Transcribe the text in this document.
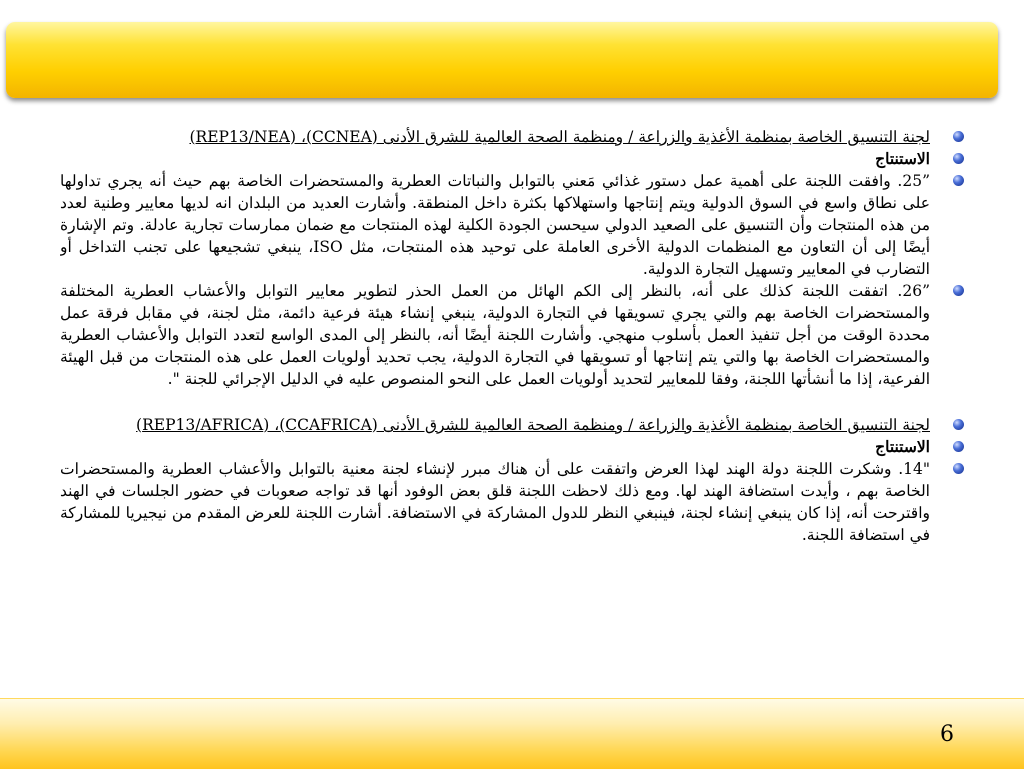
لجنة التنسيق الخاصة بمنظمة الأغذية والزراعة / ومنظمة الصحة العالمية للشرق الأدنى (CCNEA)، (REP13/NEA)
الاستنتاج
”25. وافقت اللجنة على أهمية عمل دستور غذائي مَعني بالتوابل والنباتات العطرية والمستحضرات الخاصة بهم حيث أنه يجري تداولها على نطاق واسع في السوق الدولية ويتم إنتاجها واستهلاكها بكثرة داخل المنطقة. وأشارت العديد من البلدان انه لديها معايير وطنية لعدد من هذه المنتجات وأن التنسيق على الصعيد الدولي سيحسن الجودة الكلية لهذه المنتجات مع ضمان ممارسات تجارية عادلة. وتم الإشارة أيضًا إلى أن التعاون مع المنظمات الدولية الأخرى العاملة على توحيد هذه المنتجات، مثل ISO، ينبغي تشجيعها على تجنب التداخل أو التضارب في المعايير وتسهيل التجارة الدولية.
”26. اتفقت اللجنة كذلك على أنه، بالنظر إلى الكم الهائل من العمل الحذر لتطوير معايير التوابل والأعشاب العطرية المختلفة والمستحضرات الخاصة بهم والتي يجري تسويقها في التجارة الدولية، ينبغي إنشاء هيئة فرعية دائمة، مثل لجنة، في مقابل فرقة عمل محددة الوقت من أجل تنفيذ العمل بأسلوب منهجي. وأشارت اللجنة أيضًا أنه، بالنظر إلى المدى الواسع لتعدد التوابل والأعشاب العطرية والمستحضرات الخاصة بها والتي يتم إنتاجها أو تسويقها في التجارة الدولية، يجب تحديد أولويات العمل على هذه المنتجات من قبل الهيئة الفرعية، إذا ما أنشأتها اللجنة، وفقا للمعايير لتحديد أولويات العمل على النحو المنصوص عليه في الدليل الإجرائي للجنة ".
لجنة التنسيق الخاصة بمنظمة الأغذية والزراعة / ومنظمة الصحة العالمية للشرق الأدنى (CCAFRICA)، (REP13/AFRICA)
الاستنتاج
"14. وشكرت اللجنة دولة الهند لهذا العرض واتفقت على أن هناك مبرر لإنشاء لجنة معنية بالتوابل والأعشاب العطرية والمستحضرات الخاصة بهم ، وأيدت استضافة الهند لها. ومع ذلك لاحظت اللجنة قلق بعض الوفود أنها قد تواجه صعوبات في حضور الجلسات في الهند واقترحت أنه، إذا كان ينبغي إنشاء لجنة، فينبغي النظر للدول المشاركة في الاستضافة. أشارت اللجنة للعرض المقدم من نيجيريا للمشاركة في استضافة اللجنة.
6
